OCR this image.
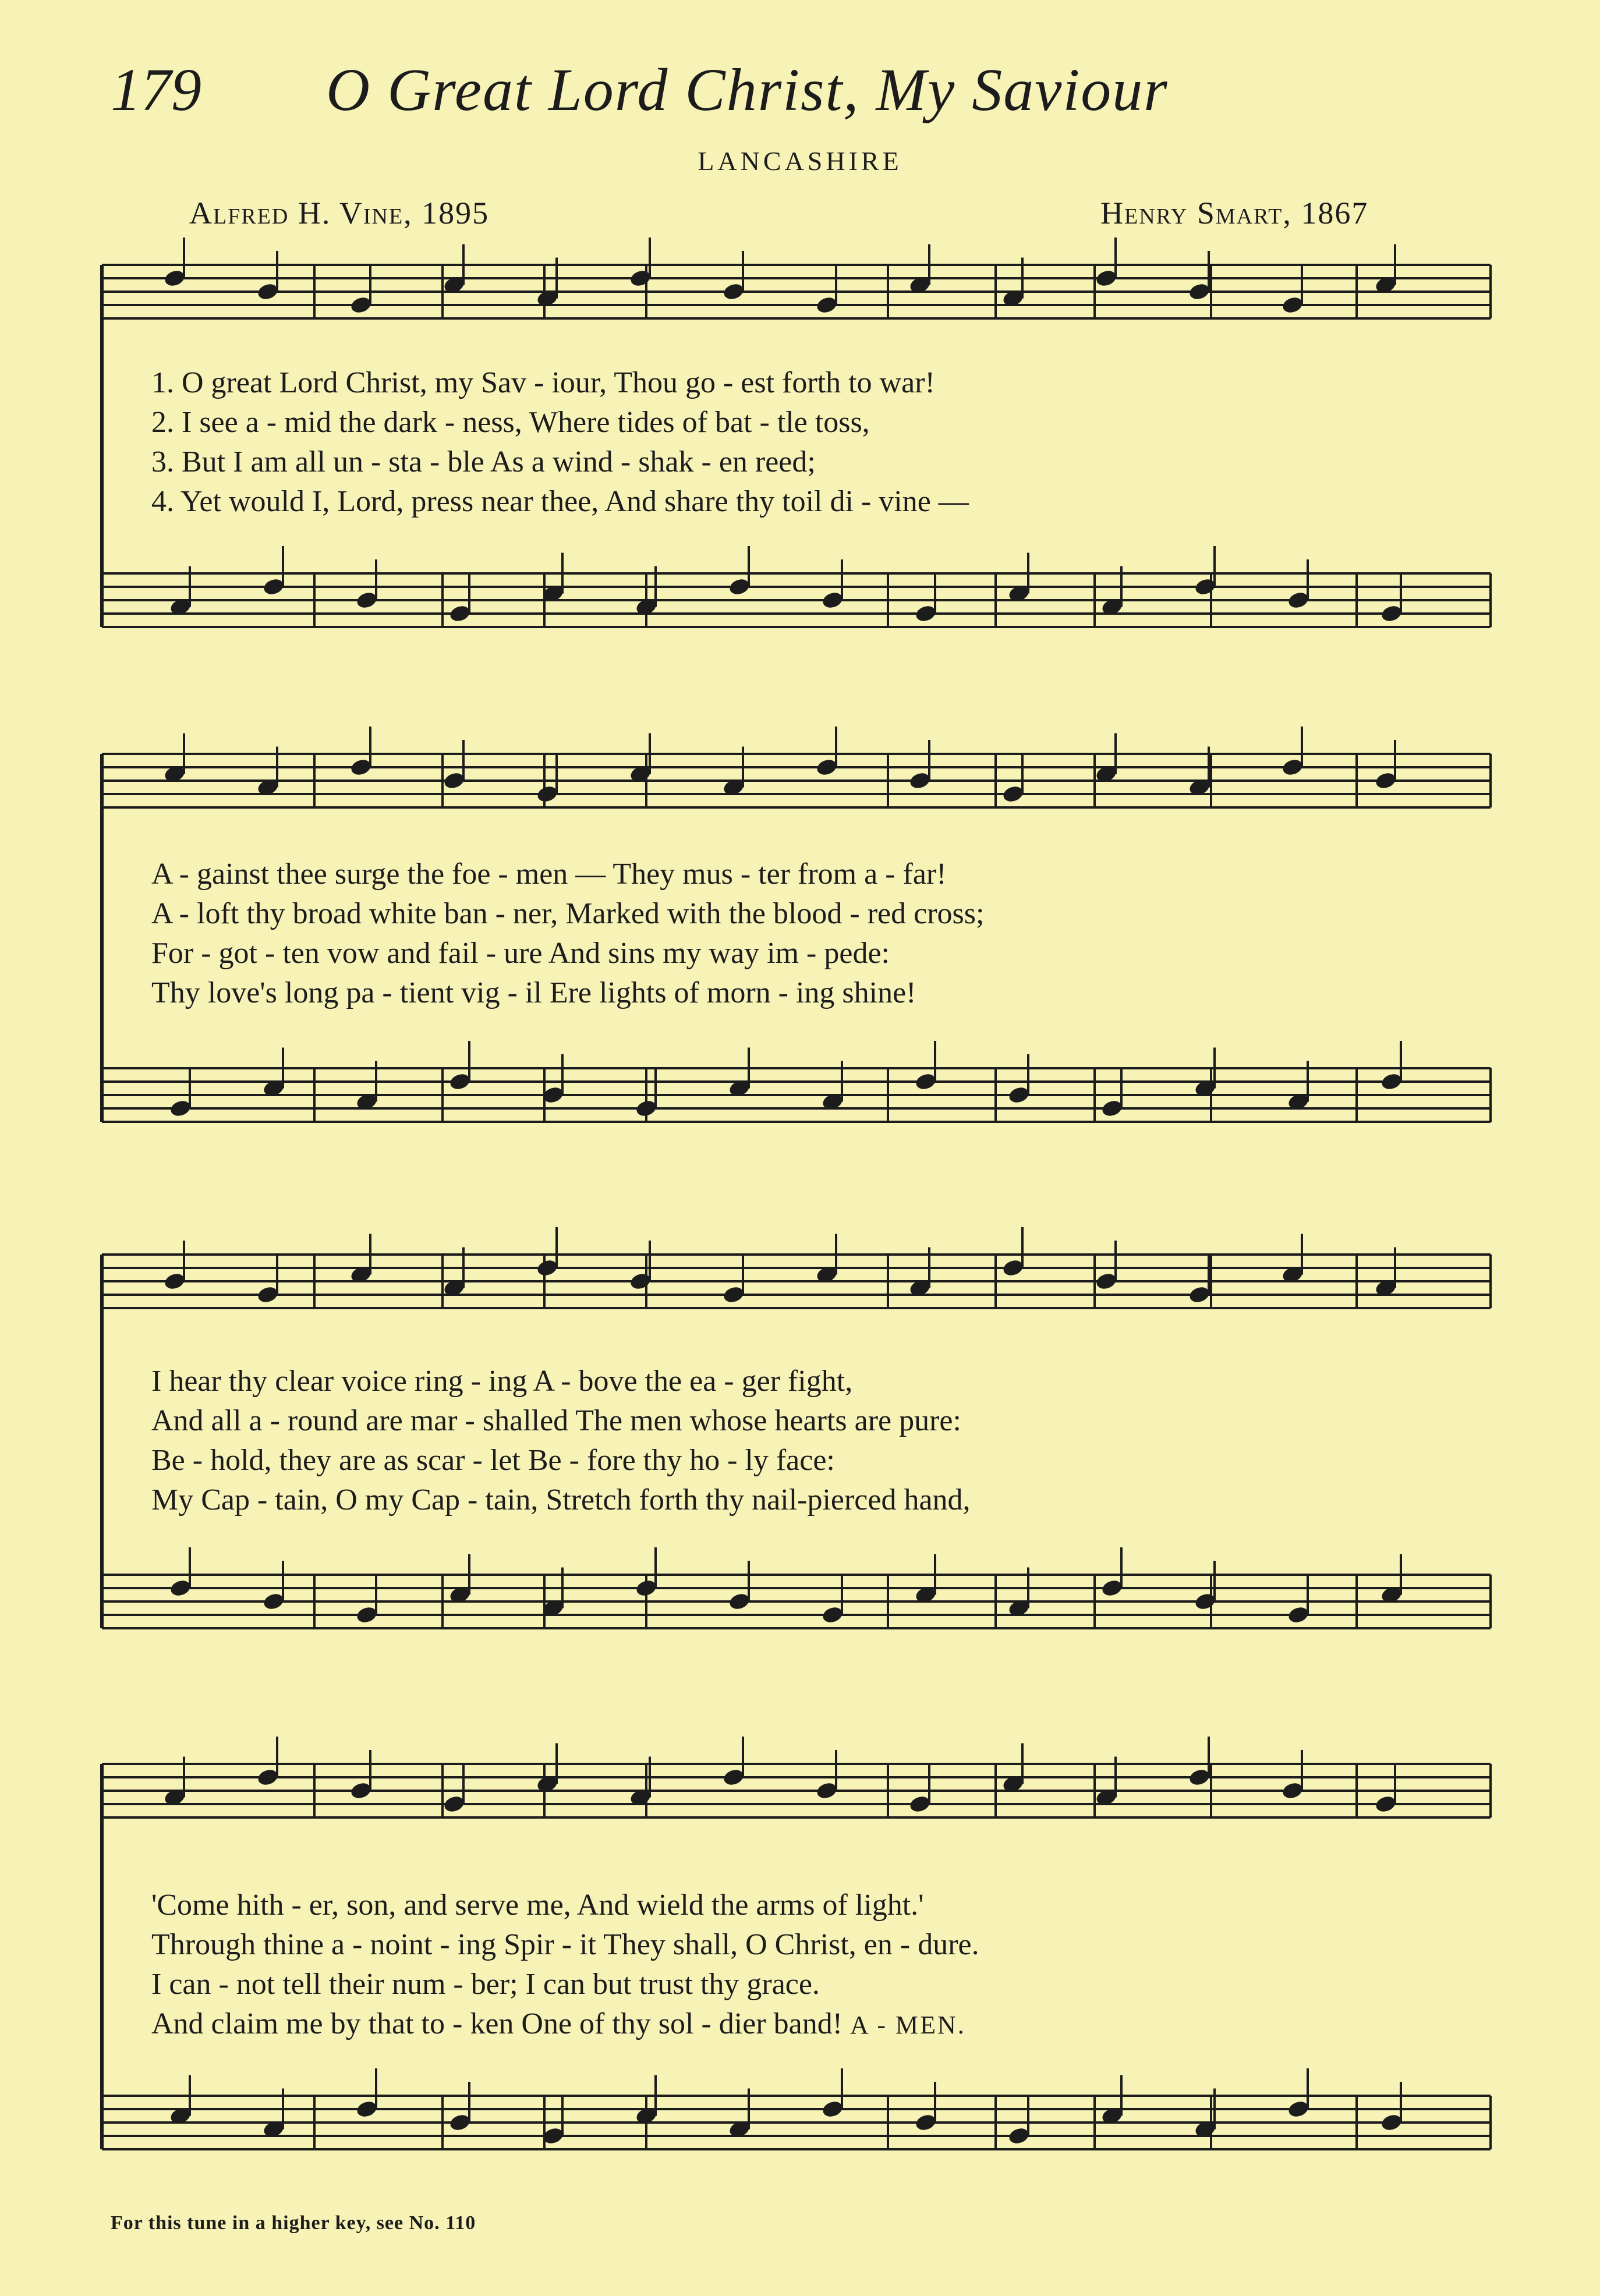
179 O Great Lord Christ, My Saviour
LANCASHIRE
Alfred H. Vine, 1895	Henry Smart, 1867
1. O great Lord Christ, my Sav - iour, Thou go - est forth to war!
2. I see a - mid the dark - ness, Where tides of bat - tle toss,
3. But I am all un - sta - ble As a wind - shak - en reed;
4. Yet would I, Lord, press near thee, And share thy toil di - vine —
A - gainst thee surge the foe - men — They mus - ter from a - far!
A - loft thy broad white ban - ner, Marked with the blood - red cross;
For - got - ten vow and fail - ure And sins my way im - pede:
Thy love's long pa - tient vig - il Ere lights of morn - ing shine!
I hear thy clear voice ring - ing A - bove the ea - ger fight,
And all a - round are mar - shalled The men whose hearts are pure:
Be - hold, they are as scar - let Be - fore thy ho - ly face:
My Cap - tain, O my Cap - tain, Stretch forth thy nail-pierced hand,
'Come hith - er, son, and serve me, And wield the arms of light.'
Through thine a - noint - ing Spir - it They shall, O Christ, en - dure.
I can - not tell their num - ber; I can but trust thy grace.
And claim me by that to - ken One of thy sol - dier band! A - MEN.
For this tune in a higher key, see No. 110
